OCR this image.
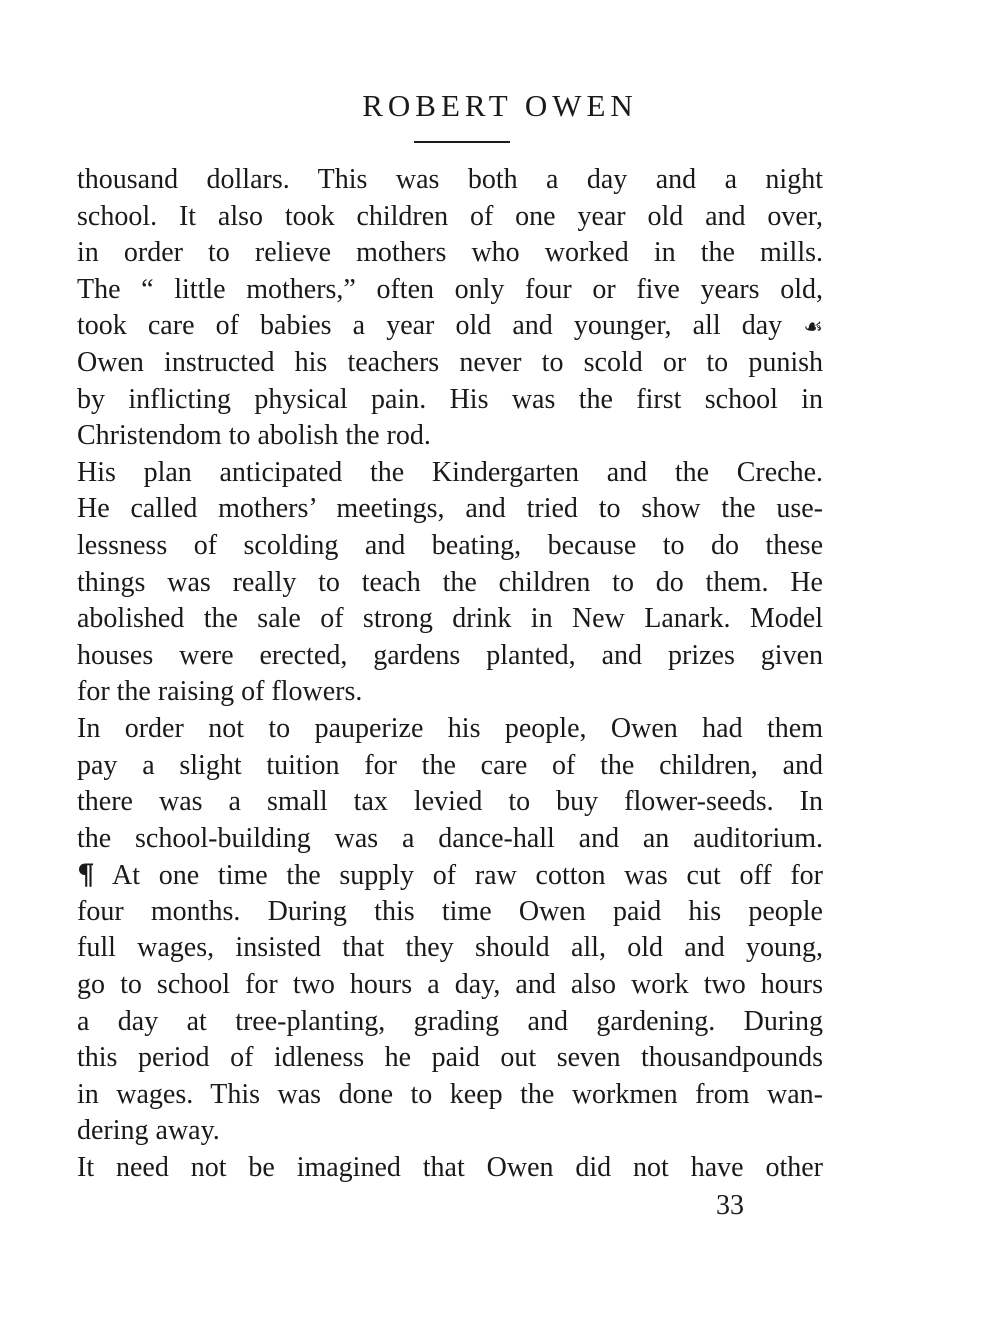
ROBERT OWEN
thousand dollars. This was both a day and a night
school. It also took children of one year old and over,
in order to relieve mothers who worked in the mills.
The “ little mothers,” often only four or five years old,
took care of babies a year old and younger, all day ☙
Owen instructed his teachers never to scold or to punish
by inflicting physical pain. His was the first school in
Christendom to abolish the rod.
His plan anticipated the Kindergarten and the Creche.
He called mothers’ meetings, and tried to show the use-
lessness of scolding and beating, because to do these
things was really to teach the children to do them. He
abolished the sale of strong drink in New Lanark. Model
houses were erected, gardens planted, and prizes given
for the raising of flowers.
In order not to pauperize his people, Owen had them
pay a slight tuition for the care of the children, and
there was a small tax levied to buy flower-seeds. In
the school-building was a dance-hall and an auditorium.
¶ At one time the supply of raw cotton was cut off for
four months. During this time Owen paid his people
full wages, insisted that they should all, old and young,
go to school for two hours a day, and also work two hours
a day at tree-planting, grading and gardening. During
this period of idleness he paid out seven thousandpounds
in wages. This was done to keep the workmen from wan-
dering away.
It need not be imagined that Owen did not have other
33
